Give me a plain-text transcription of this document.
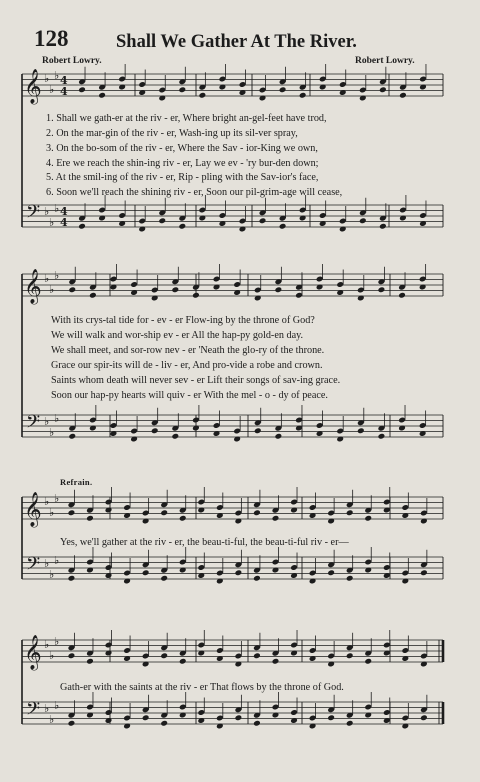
128	Shall We Gather At The River.
Robert Lowry.	Robert Lowry.
𝄞
𝄢
♭
♭
♭
♭
♭
♭
4
4
4
4
𝄞
𝄢
♭
♭
♭
♭
♭
♭
𝄞
𝄢
♭
♭
♭
♭
♭
♭
𝄞
𝄢
♭
♭
♭
♭
♭
♭
1. Shall we gath-er at the riv - er, Where bright an-gel-feet have trod,
2. On the mar-gin of the riv - er, Wash-ing up its sil-ver spray,
3. On the bo-som of the riv - er, Where the Sav - ior-King we own,
4. Ere we reach the shin-ing riv - er, Lay we ev - 'ry bur-den down;
5. At the smil-ing of the riv - er, Rip - pling with the Sav-ior's face,
6. Soon we'll reach the shining riv - er, Soon our pil-grim-age will cease,
With its crys-tal tide for - ev - er Flow-ing by the throne of God?
We will walk and wor-ship ev - er All the hap-py gold-en day.
We shall meet, and sor-row nev - er 'Neath the glo-ry of the throne.
Grace our spir-its will de - liv - er, And pro-vide a robe and crown.
Saints whom death will never sev - er Lift their songs of sav-ing grace.
Soon our hap-py hearts will quiv - er With the mel - o - dy of peace.
Refrain.
Yes, we'll gather at the riv - er, the beau-ti-ful, the beau-ti-ful riv - er—
Gath-er with the saints at the riv - er That flows by the throne of God.
